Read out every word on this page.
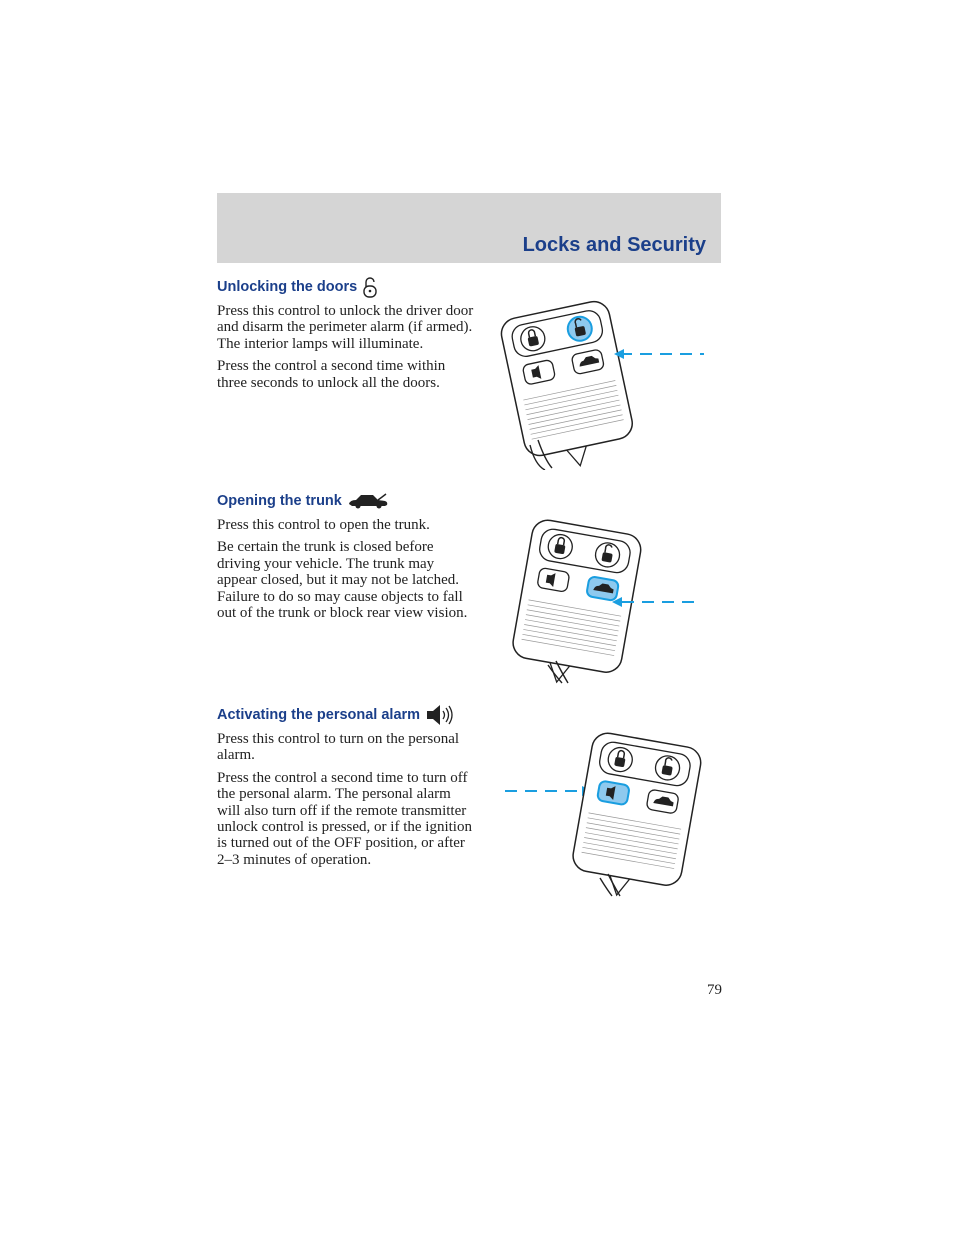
Locks and Security
Unlocking the doors

Press this control to unlock the driver door and disarm the perimeter alarm (if armed). The interior lamps will illuminate.

Press the control a second time within three seconds to unlock all the doors.

Opening the trunk

Press this control to open the trunk.

Be certain the trunk is closed before driving your vehicle. The trunk may appear closed, but it may not be latched. Failure to do so may cause objects to fall out of the trunk or block rear view vision.

Activating the personal alarm

Press this control to turn on the personal alarm.

Press the control a second time to turn off the personal alarm. The personal alarm will also turn off if the remote transmitter unlock control is pressed, or if the ignition is turned out of the OFF position, or after 2–3 minutes of operation.

79
